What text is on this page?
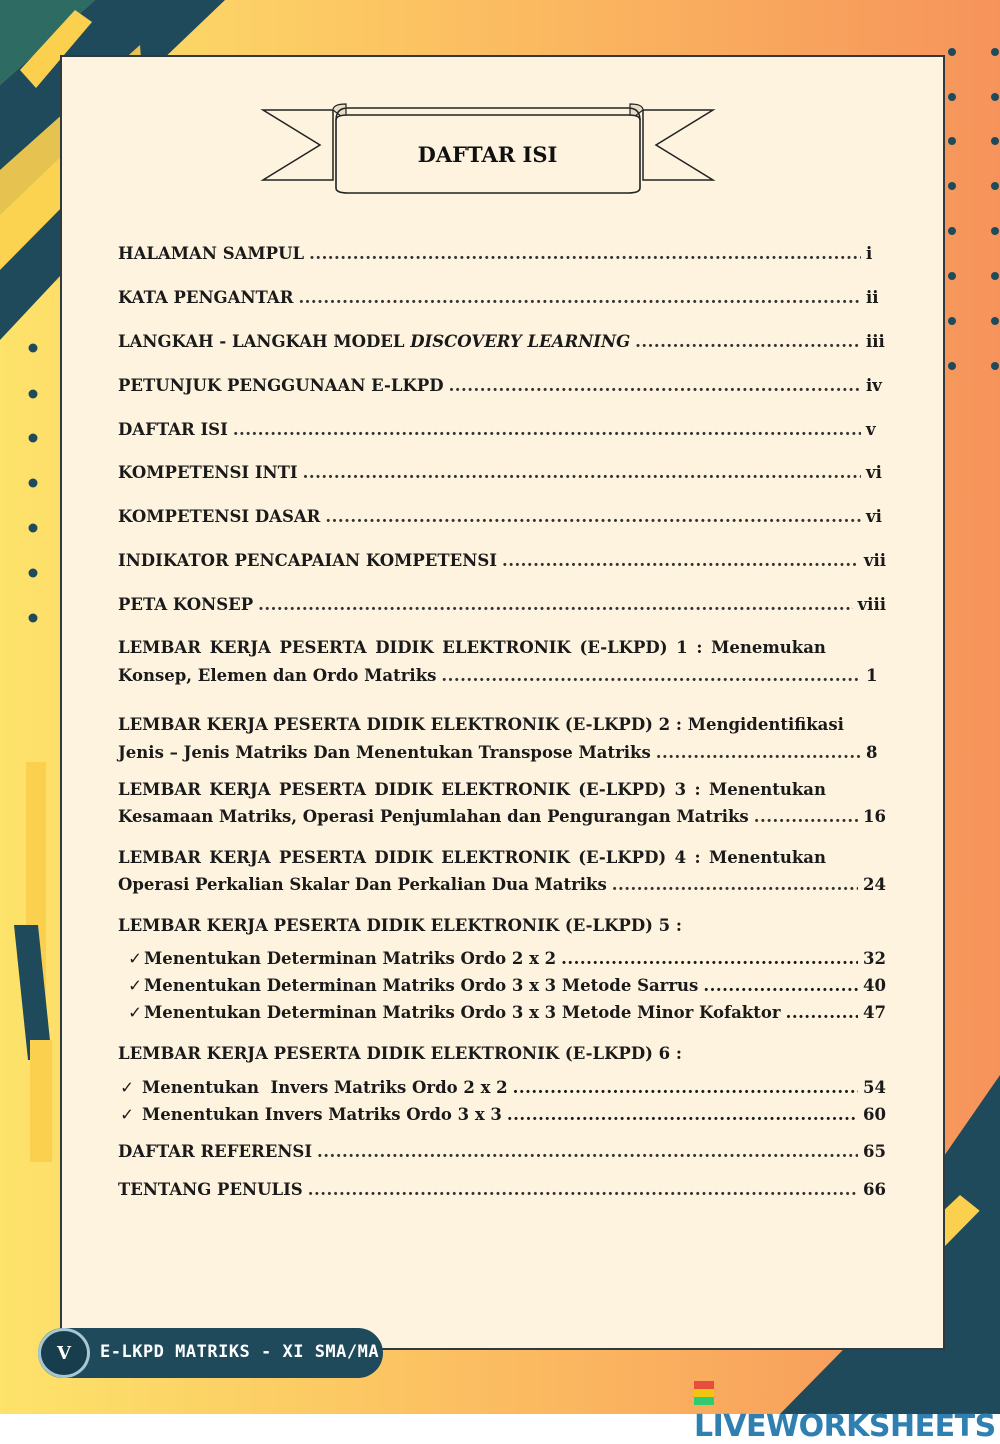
DAFTAR ISI
HALAMAN SAMPUL .....	i
KATA PENGANTAR .....	ii
LANGKAH - LANGKAH MODEL DISCOVERY LEARNING .....	iii
PETUNJUK PENGGUNAAN E-LKPD .....	iv
DAFTAR ISI .....	v
KOMPETENSI INTI .....	vi
KOMPETENSI DASAR .....	vi
INDIKATOR PENCAPAIAN KOMPETENSI .....	vii
PETA KONSEP .....	viii
LEMBAR KERJA PESERTA DIDIK ELEKTRONIK (E-LKPD) 1 : Menemukan
Konsep, Elemen dan Ordo Matriks .....	1
LEMBAR KERJA PESERTA DIDIK ELEKTRONIK (E-LKPD) 2 : Mengidentifikasi
Jenis – Jenis Matriks Dan Menentukan Transpose Matriks .....	8
LEMBAR KERJA PESERTA DIDIK ELEKTRONIK (E-LKPD) 3 : Menentukan
Kesamaan Matriks, Operasi Penjumlahan dan Pengurangan Matriks .....	16
LEMBAR KERJA PESERTA DIDIK ELEKTRONIK (E-LKPD) 4 : Menentukan
Operasi Perkalian Skalar Dan Perkalian Dua Matriks .....	24
LEMBAR KERJA PESERTA DIDIK ELEKTRONIK (E-LKPD) 5 :
✓ Menentukan Determinan Matriks Ordo 2 x 2 .....	32
✓ Menentukan Determinan Matriks Ordo 3 x 3 Metode Sarrus .....	40
✓ Menentukan Determinan Matriks Ordo 3 x 3 Metode Minor Kofaktor .....	47
LEMBAR KERJA PESERTA DIDIK ELEKTRONIK (E-LKPD) 6 :
✓ Menentukan  Invers Matriks Ordo 2 x 2 .....	54
✓ Menentukan Invers Matriks Ordo 3 x 3 .....	60
DAFTAR REFERENSI .....	65
TENTANG PENULIS .....	66
V	E-LKPD MATRIKS - XI SMA/MA
LIVEWORKSHEETS
